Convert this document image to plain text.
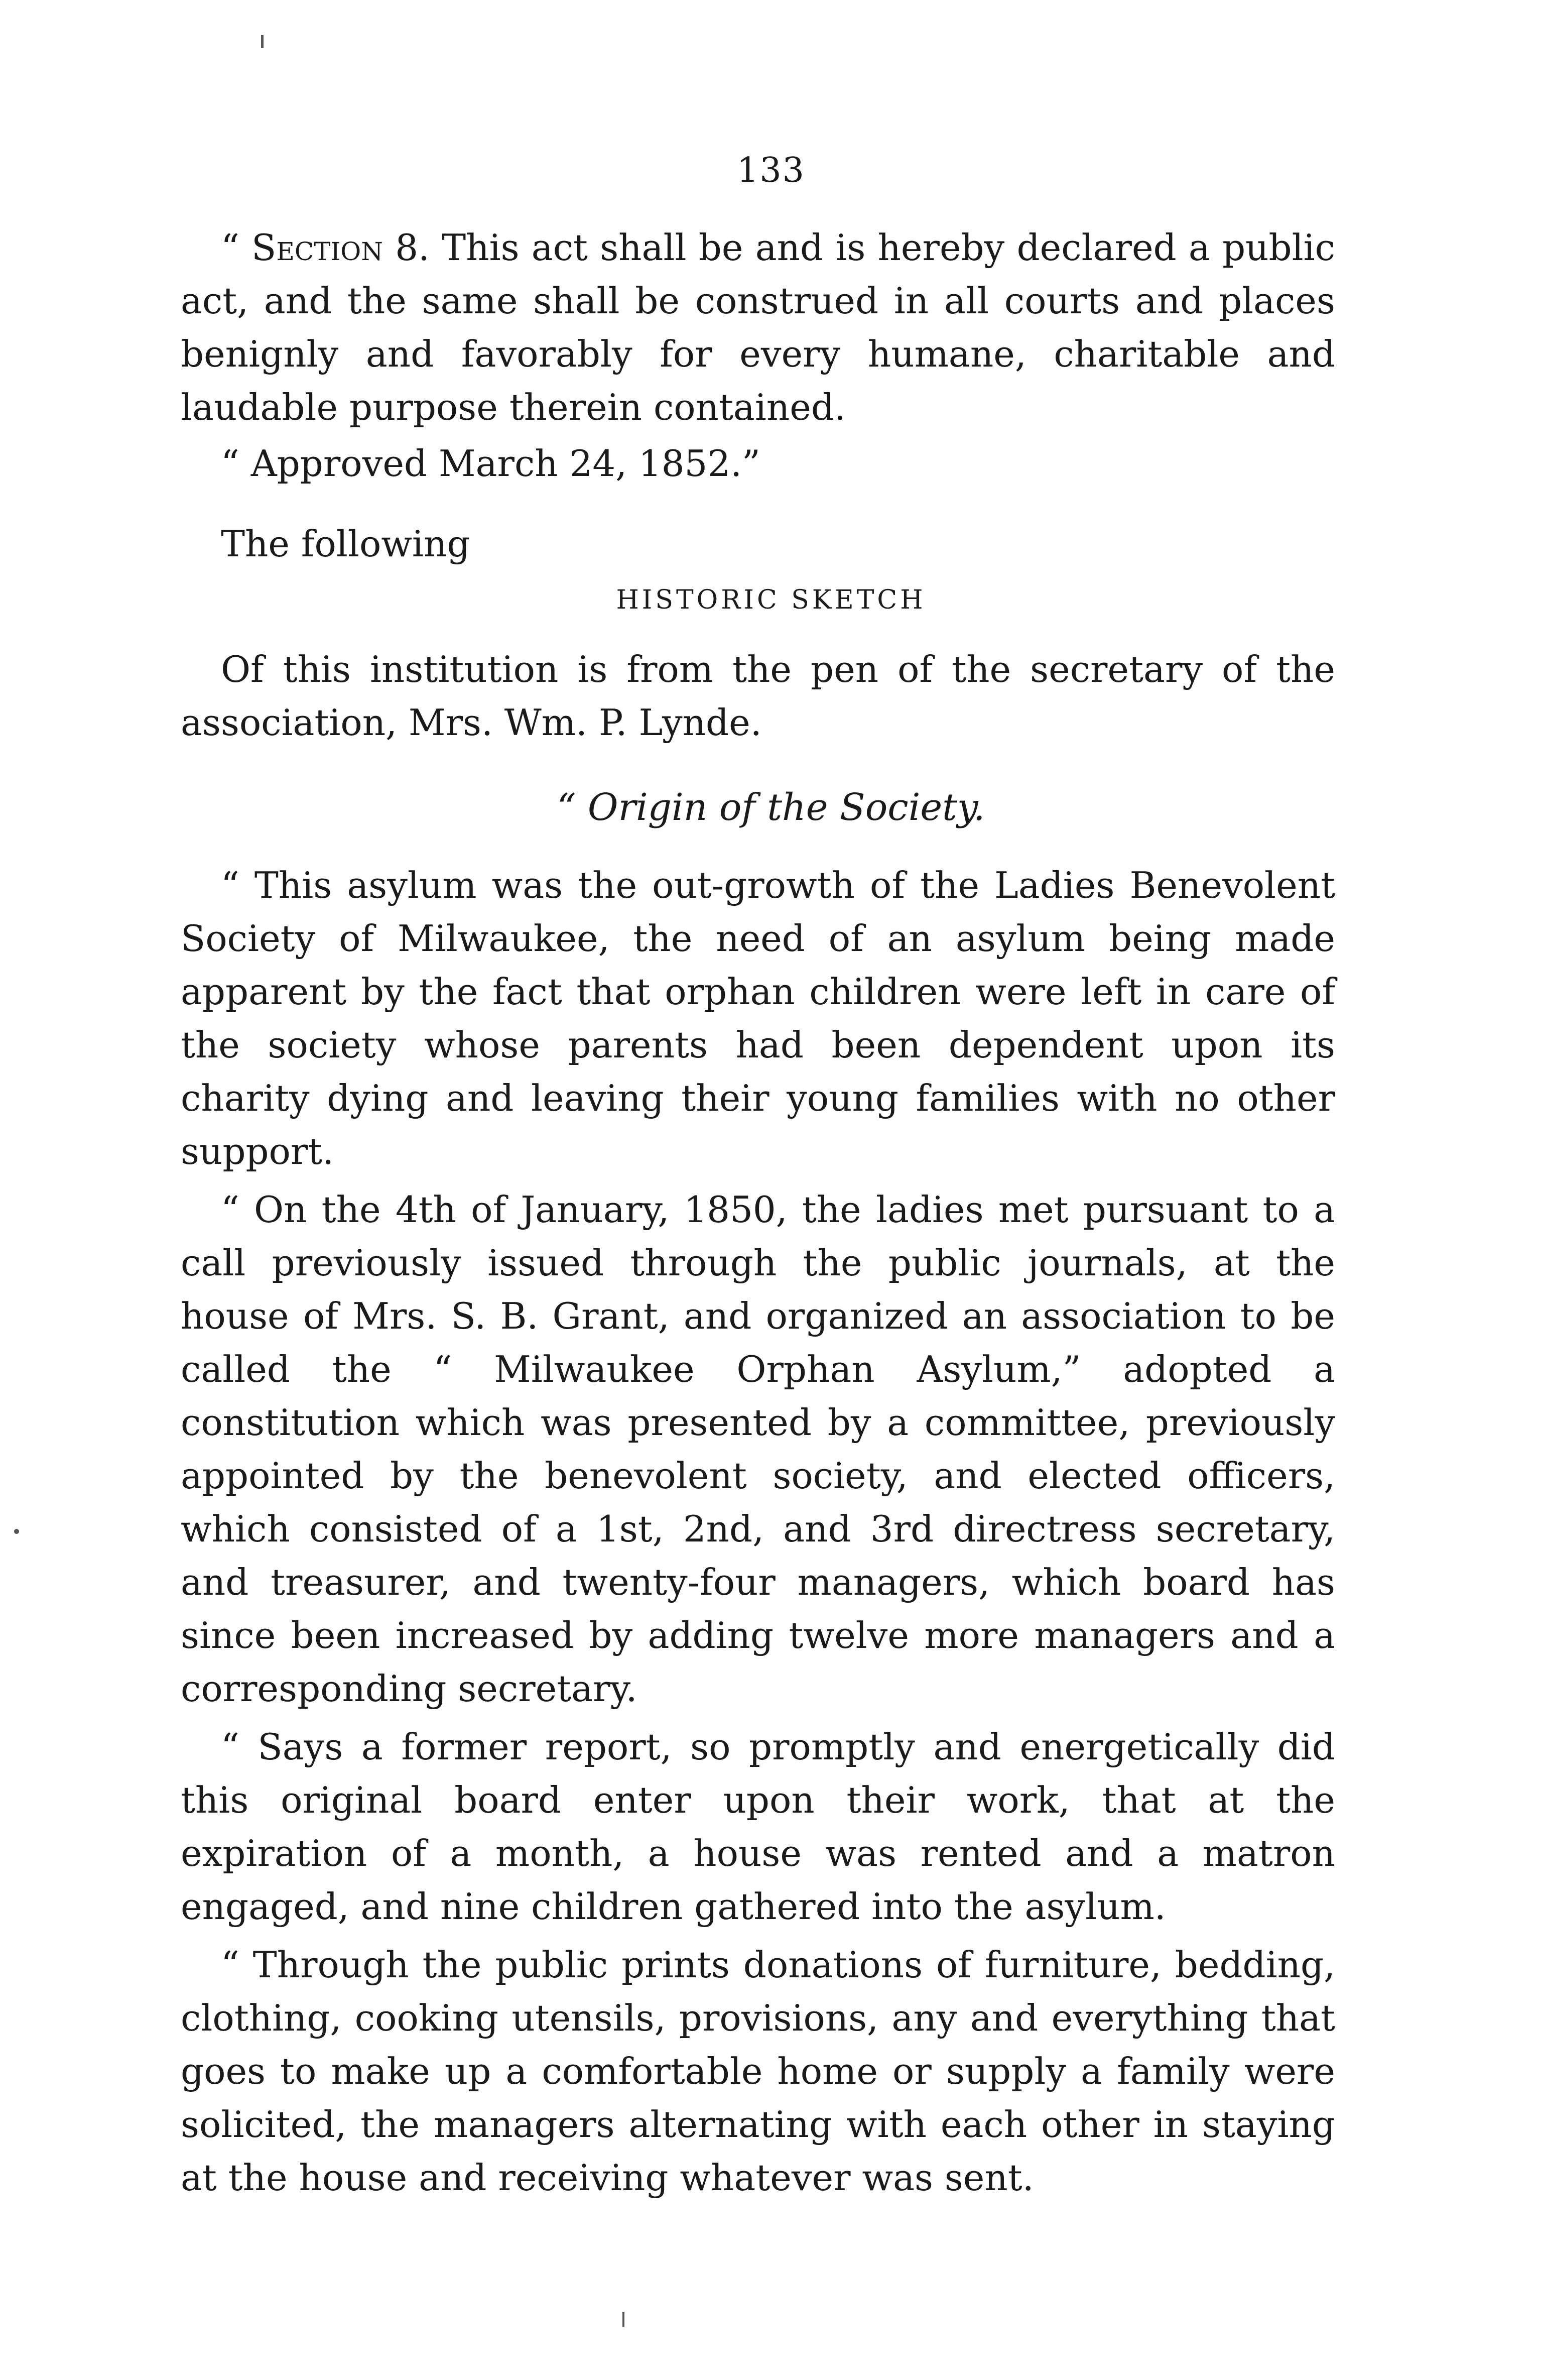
133

“ Section 8. This act shall be and is hereby declared a public act, and the same shall be construed in all courts and places benignly and favorably for every humane, charitable and laudable purpose therein contained.

“ Approved March 24, 1852.”

The following

HISTORIC SKETCH

Of this institution is from the pen of the secretary of the association, Mrs. Wm. P. Lynde.

“ Origin of the Society.

“ This asylum was the out-growth of the Ladies Benevolent Society of Milwaukee, the need of an asylum being made apparent by the fact that orphan children were left in care of the society whose parents had been dependent upon its charity dying and leaving their young families with no other support.

“ On the 4th of January, 1850, the ladies met pursuant to a call previously issued through the public journals, at the house of Mrs. S. B. Grant, and organized an association to be called the “ Milwaukee Orphan Asylum,” adopted a constitution which was presented by a committee, previously appointed by the benevolent society, and elected officers, which consisted of a 1st, 2nd, and 3rd directress secretary, and treasurer, and twenty-four managers, which board has since been increased by adding twelve more managers and a corresponding secretary.

“ Says a former report, so promptly and energetically did this original board enter upon their work, that at the expiration of a month, a house was rented and a matron engaged, and nine children gathered into the asylum.

“ Through the public prints donations of furniture, bedding, clothing, cooking utensils, provisions, any and everything that goes to make up a comfortable home or supply a family were solicited, the managers alternating with each other in staying at the house and receiving whatever was sent.
